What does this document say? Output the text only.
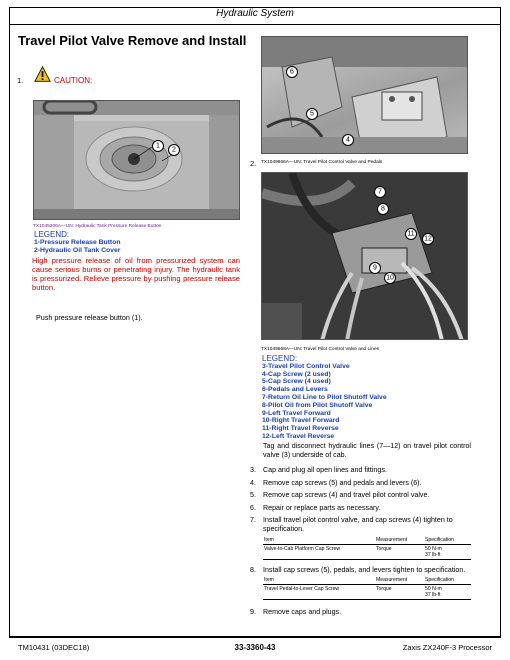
Hydraulic System
Travel Pilot Valve Remove and Install
1.	CAUTION:
1
2
TX1045206A—UN: Hydraulic Tank Pressure Release Button
LEGEND:
1-Pressure Release Button
2-Hydraulic Oil Tank Cover
High pressure release of oil from pressurized system can cause serious burns or penetrating injury. The hydraulic tank is pressurized. Relieve pressure by pushing pressure release button.
Push pressure release button (1).
6
5
4
2. TX1049666A—UN: Travel Pilot Control Valve and Pedals
7
8
11
12
9
10
TX1049668A—UN: Travel Pilot Control Valve and Lines
LEGEND:
3-Travel Pilot Control Valve
4-Cap Screw (2 used)
5-Cap Screw (4 used)
6-Pedals and Levers
7-Return Oil Line to Pilot Shutoff Valve
8-Pilot Oil from Pilot Shutoff Valve
9-Left Travel Forward
10-Right Travel Forward
11-Right Travel Reverse
12-Left Travel Reverse
Tag and disconnect hydraulic lines (7—12) on travel pilot control valve (3) underside of cab.
3. Cap and plug all open lines and fittings.
4. Remove cap screws (5) and pedals and levers (6).
5. Remove cap screws (4) and travel pilot control valve.
6. Repair or replace parts as necessary.
7. Install travel pilot control valve, and cap screws (4) tighten to specification.
Item	Measurement	Specification
Valve-to-Cab Platform Cap Screw	Torque	50 N·m
37 lb-ft
8. Install cap screws (5), pedals, and levers tighten to specification.
Item	Measurement	Specification
Travel Pedal-to-Lever Cap Screw	Torque	50 N·m
37 lb-ft
9. Remove caps and plugs.
TM10431 (03DEC18)	33-3360-43	Zaxis ZX240F-3 Processor
